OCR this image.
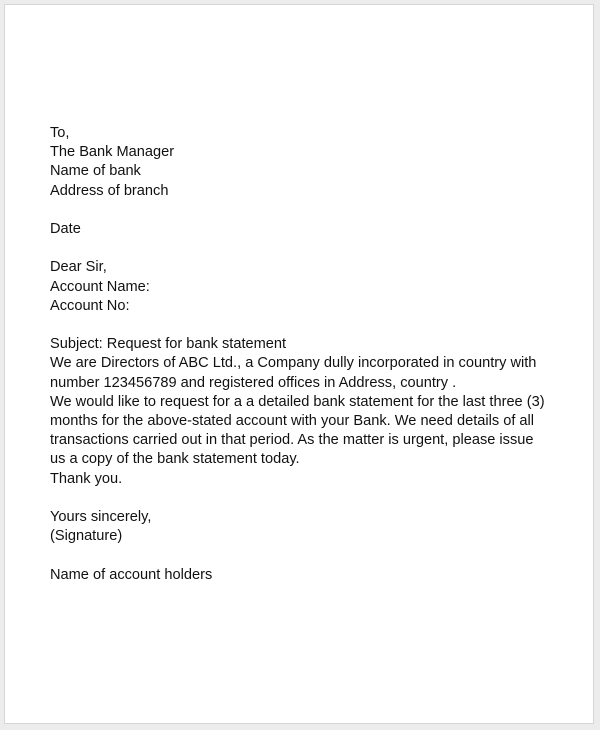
To,
The Bank Manager
Name of bank
Address of branch
Date
Dear Sir,
Account Name:
Account No:
Subject: Request for bank statement
We are Directors of ABC Ltd., a Company dully incorporated in country with
number 123456789 and registered offices in Address, country .
We would like to request for a a detailed bank statement for the last three (3)
months for the above-stated account with your Bank. We need details of all
transactions carried out in that period. As the matter is urgent, please issue
us a copy of the bank statement today.
Thank you.
Yours sincerely,
(Signature)
Name of account holders
